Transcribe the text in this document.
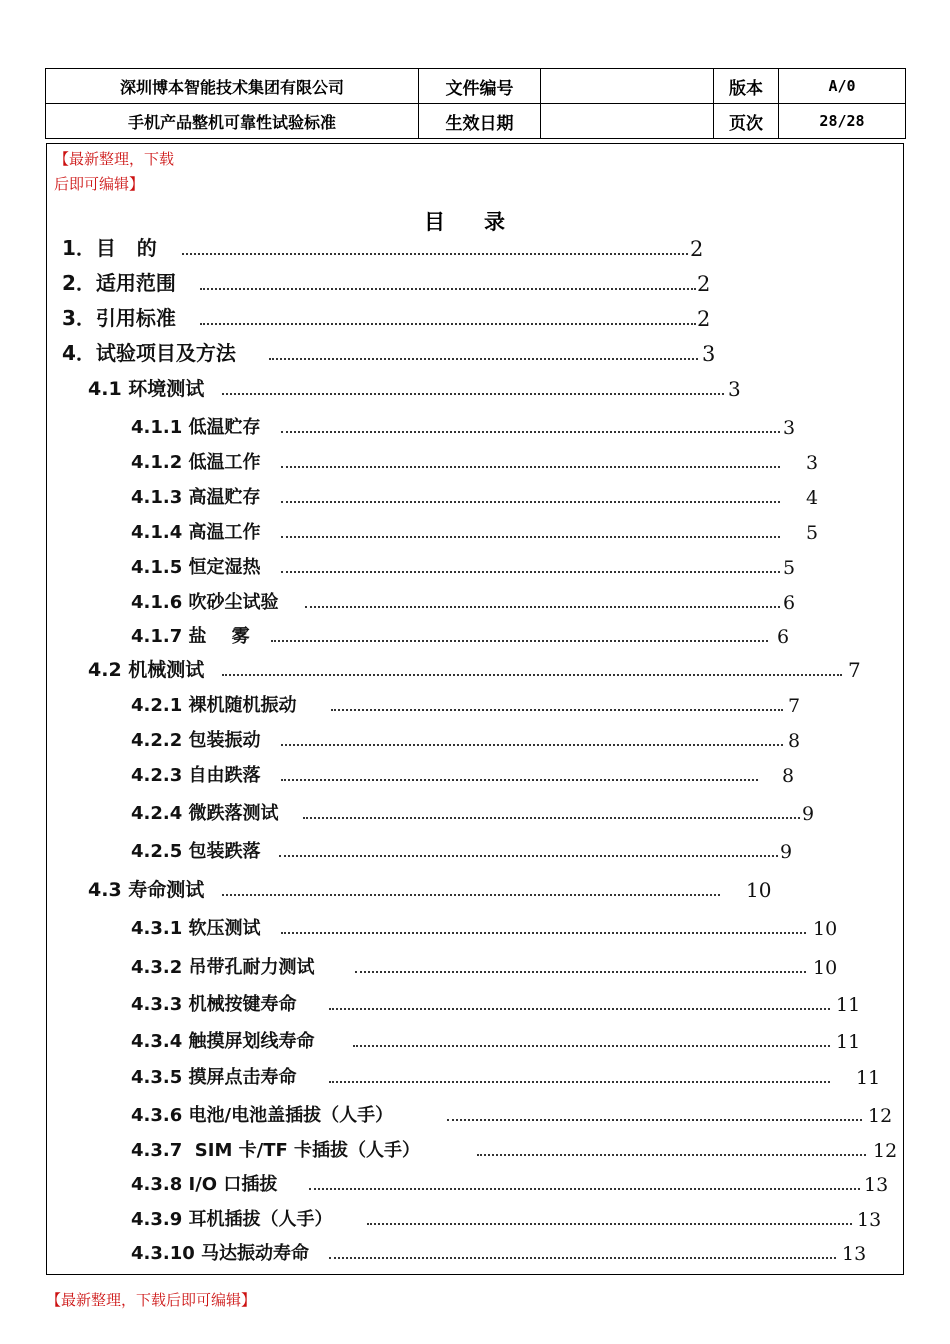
深圳博本智能技术集团有限公司	文件编号		版本	A/0
手机产品整机可靠性试验标准	生效日期		页次	28/28
【最新整理，下载
后即可编辑】
目 录
1．目   的	2
2．适用范围	2
3．引用标准	2
4．试验项目及方法	3
4.1 环境测试	3
4.1.1 低温贮存	3
4.1.2 低温工作	3
4.1.3 高温贮存	4
4.1.4 高温工作	5
4.1.5 恒定湿热	5
4.1.6 吹砂尘试验	6
4.1.7 盐    雾	6
4.2 机械测试	7
4.2.1 裸机随机振动	7
4.2.2 包装振动	8
4.2.3 自由跌落	8
4.2.4 微跌落测试	9
4.2.5 包装跌落	9
4.3 寿命测试	10
4.3.1 软压测试	10
4.3.2 吊带孔耐力测试	10
4.3.3 机械按键寿命	11
4.3.4 触摸屏划线寿命	11
4.3.5 摸屏点击寿命	11
4.3.6 电池/电池盖插拔（人手）	12
4.3.7  SIM 卡/TF 卡插拔（人手）	12
4.3.8 I/O 口插拔	13
4.3.9 耳机插拔（人手）	13
4.3.10 马达振动寿命	13
【最新整理，下载后即可编辑】
